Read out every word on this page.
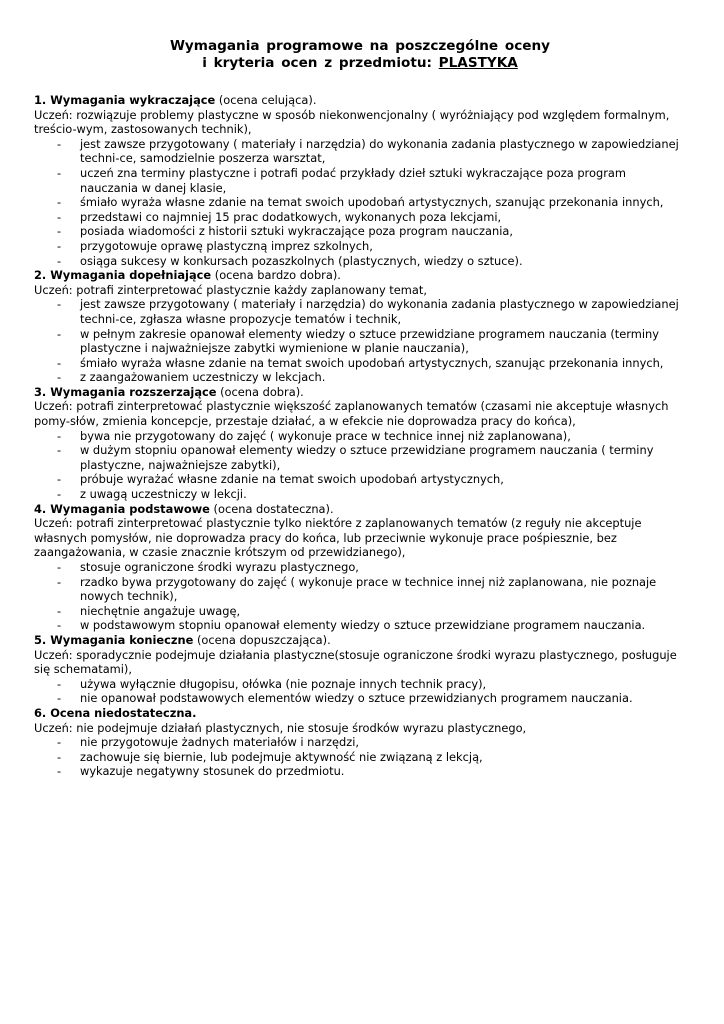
Wymagania programowe na poszczególne oceny
i kryteria ocen z przedmiotu: PLASTYKA
1. Wymagania wykraczające (ocena celująca).

Uczeń: rozwiązuje problemy plastyczne w sposób niekonwencjonalny ( wyróżniający pod względem formalnym, treścio-wym, zastosowanych technik),

- jest zawsze przygotowany ( materiały i narzędzia) do wykonania zadania plastycznego w zapowiedzianej techni-ce, samodzielnie poszerza warsztat,
- uczeń zna terminy plastyczne i potrafi podać przykłady dzieł sztuki wykraczające poza program nauczania w danej klasie,
- śmiało wyraża własne zdanie na temat swoich upodobań artystycznych, szanując przekonania innych,
- przedstawi co najmniej 15 prac dodatkowych, wykonanych poza lekcjami,
- posiada wiadomości z historii sztuki wykraczające poza program nauczania,
- przygotowuje oprawę plastyczną imprez szkolnych,
- osiąga sukcesy w konkursach pozaszkolnych (plastycznych, wiedzy o sztuce).
2. Wymagania dopełniające (ocena bardzo dobra).

Uczeń: potrafi zinterpretować plastycznie każdy zaplanowany temat,

- jest zawsze przygotowany ( materiały i narzędzia) do wykonania zadania plastycznego w zapowiedzianej techni-ce, zgłasza własne propozycje tematów i technik,
- w pełnym zakresie opanował elementy wiedzy o sztuce przewidziane programem nauczania (terminy plastyczne i najważniejsze zabytki wymienione w planie nauczania),
- śmiało wyraża własne zdanie na temat swoich upodobań artystycznych, szanując przekonania innych,
- z zaangażowaniem uczestniczy w lekcjach.
3. Wymagania rozszerzające (ocena dobra).

Uczeń: potrafi zinterpretować plastycznie większość zaplanowanych tematów (czasami nie akceptuje własnych pomy-słów, zmienia koncepcje, przestaje działać, a w efekcie nie doprowadza pracy do końca),

- bywa nie przygotowany do zajęć ( wykonuje prace w technice innej niż zaplanowana),
- w dużym stopniu opanował elementy wiedzy o sztuce przewidziane programem nauczania ( terminy plastyczne, najważniejsze zabytki),
- próbuje wyrażać własne zdanie na temat swoich upodobań artystycznych,
- z uwagą uczestniczy w lekcji.
4. Wymagania podstawowe (ocena dostateczna).

Uczeń: potrafi zinterpretować plastycznie tylko niektóre z zaplanowanych tematów (z reguły nie akceptuje własnych pomysłów, nie doprowadza pracy do końca, lub przeciwnie wykonuje prace pośpiesznie, bez zaangażowania, w czasie znacznie krótszym od przewidzianego),

- stosuje ograniczone środki wyrazu plastycznego,
- rzadko bywa przygotowany do zajęć ( wykonuje prace w technice innej niż zaplanowana, nie poznaje nowych technik),
- niechętnie angażuje uwagę,
- w podstawowym stopniu opanował elementy wiedzy o sztuce przewidziane programem nauczania.
5. Wymagania konieczne (ocena dopuszczająca).

Uczeń: sporadycznie podejmuje działania plastyczne(stosuje ograniczone środki wyrazu plastycznego, posługuje się schematami),

- używa wyłącznie długopisu, ołówka (nie poznaje innych technik pracy),
- nie opanował podstawowych elementów wiedzy o sztuce przewidzianych programem nauczania.
6. Ocena niedostateczna.

Uczeń: nie podejmuje działań plastycznych, nie stosuje środków wyrazu plastycznego,

- nie przygotowuje żadnych materiałów i narzędzi,
- zachowuje się biernie, lub podejmuje aktywność nie związaną z lekcją,
- wykazuje negatywny stosunek do przedmiotu.
